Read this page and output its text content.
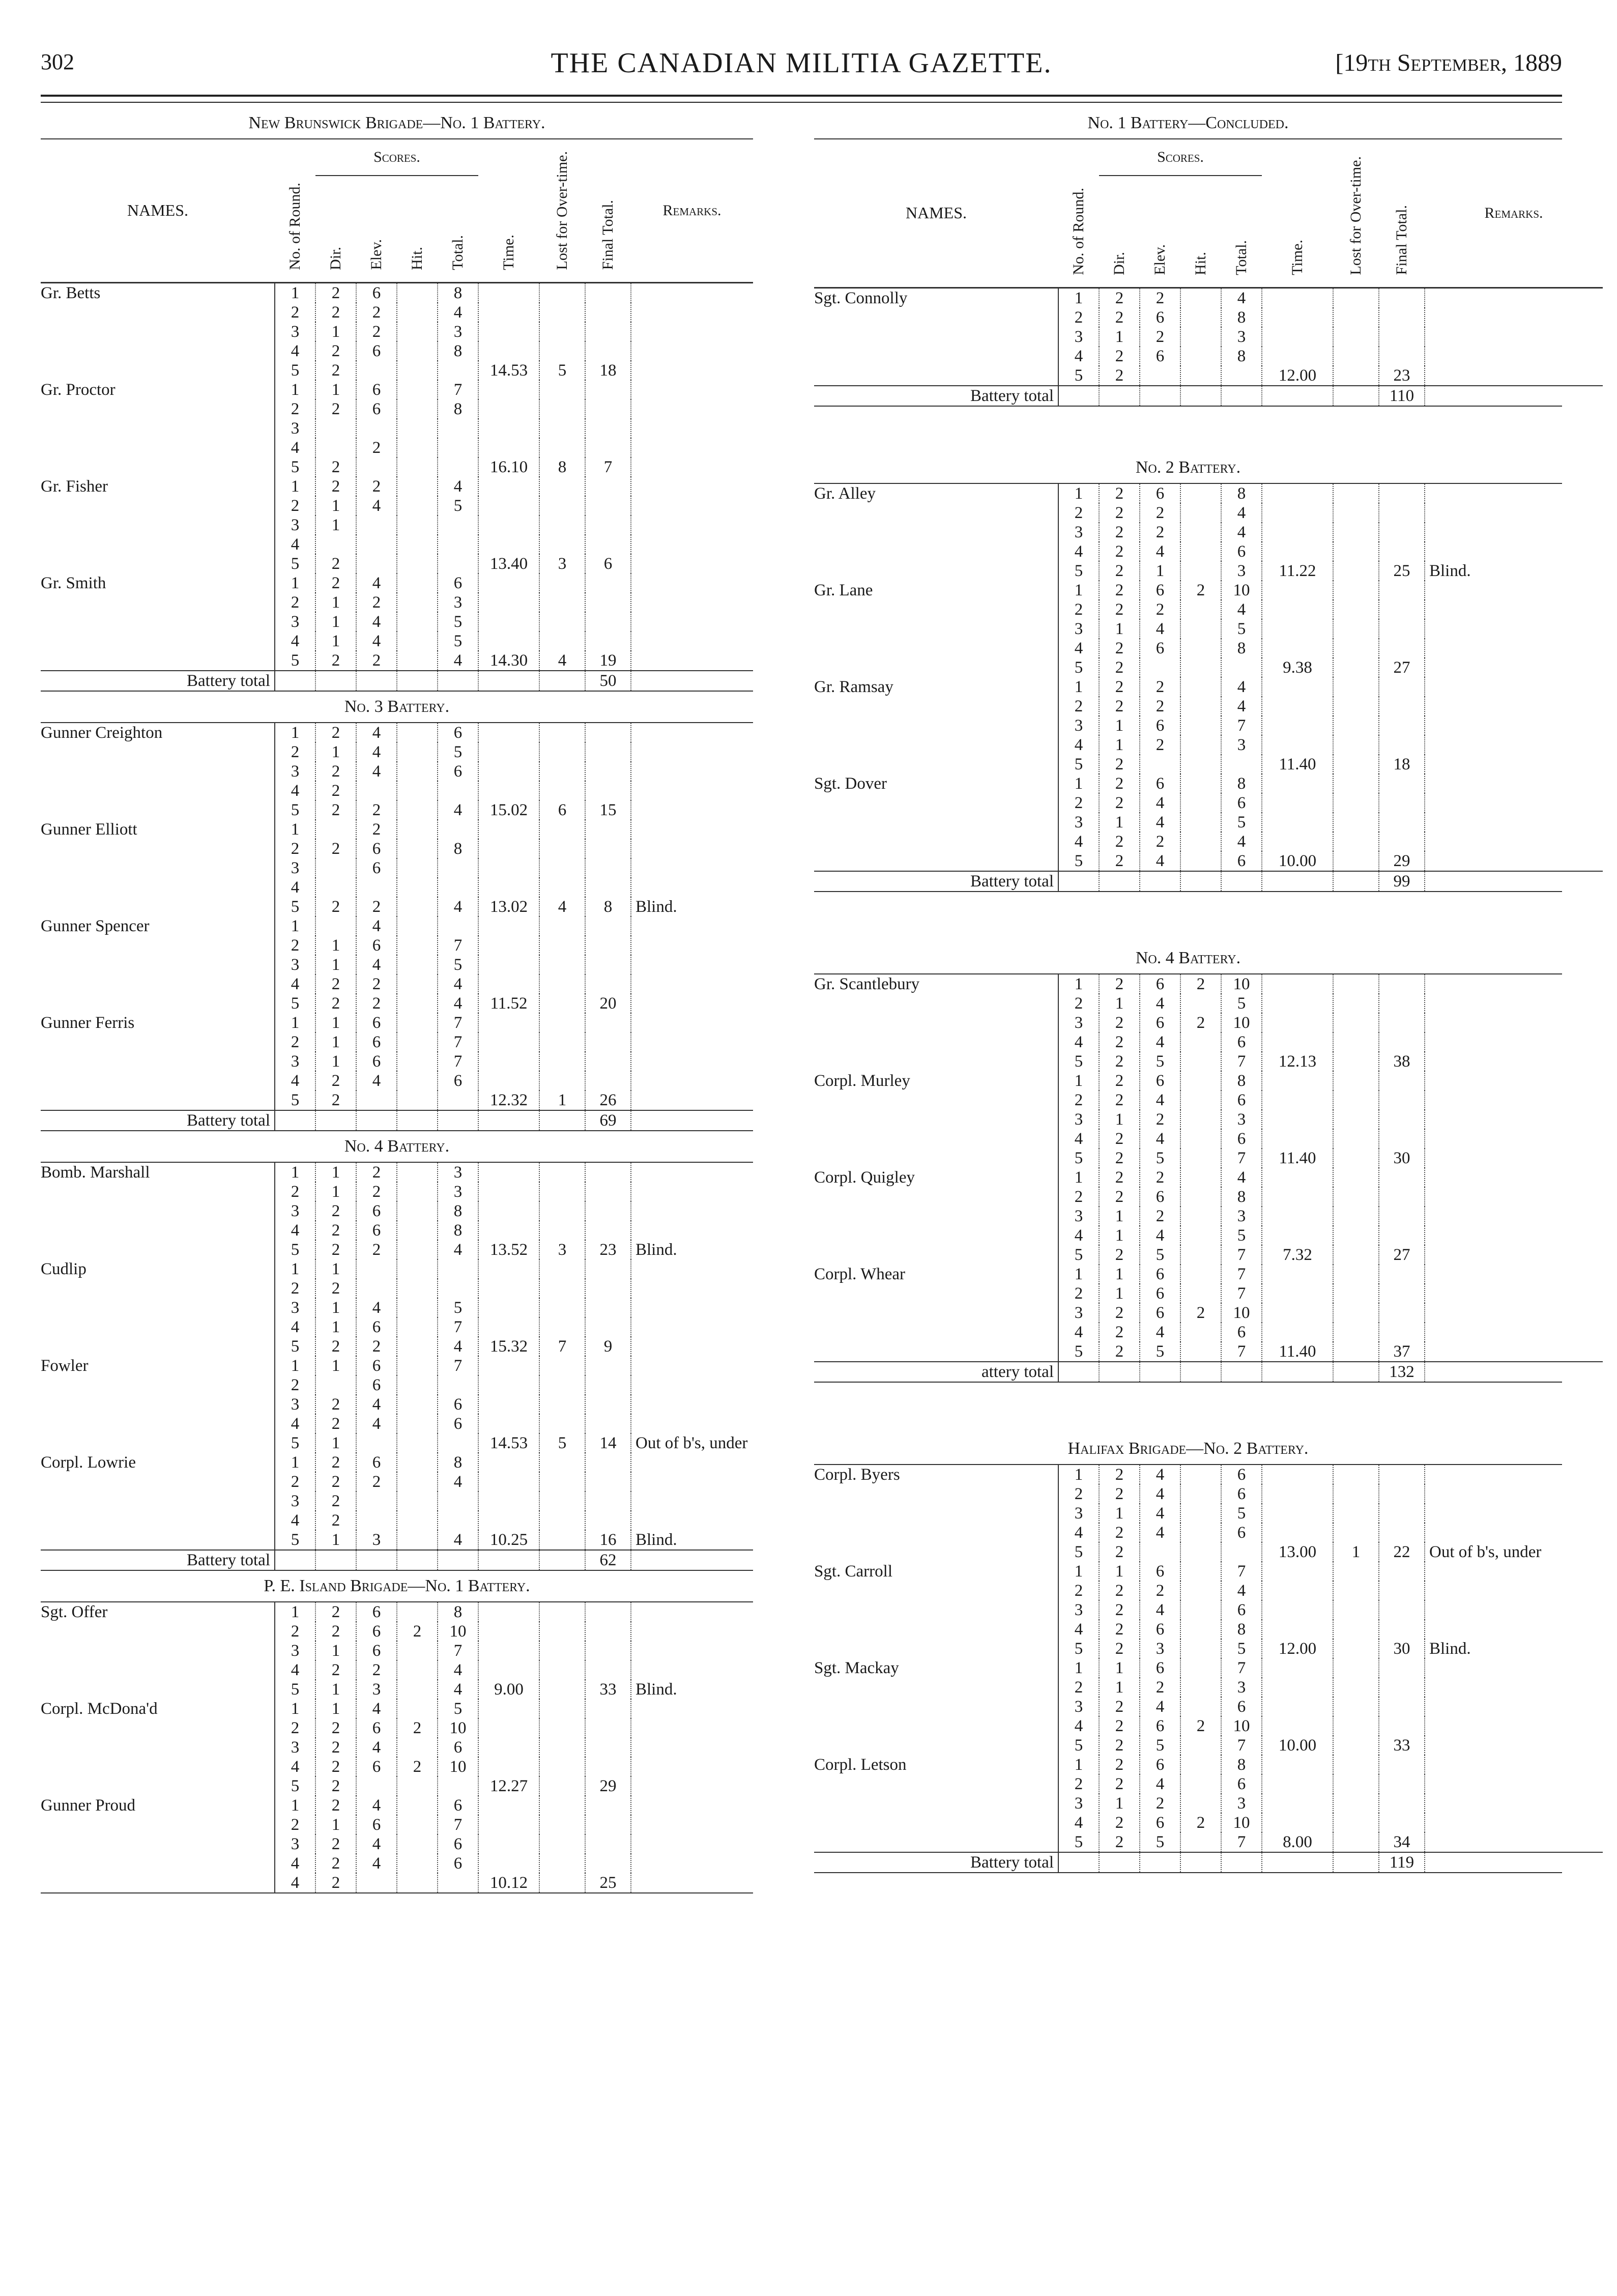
302	THE CANADIAN MILITIA GAZETTE.	[19th September, 1889
New Brunswick Brigade—No. 1 Battery.
NAMES.	No. of Round.	Scores.				Time.	Lost for Over-time.	Final Total.	Remarks.
		Dir.	Elev.	Hit.	Total.				
Gr. Betts	1	2	6		8				
	2	2	2		4				
	3	1	2		3				
	4	2	6		8				
	5	2				14.53	5	18	
Gr. Proctor	1	1	6		7				
	2	2	6		8				
	3								
	4		2						
	5	2				16.10	8	7	
Gr. Fisher	1	2	2		4				
	2	1	4		5				
	3	1							
	4								
	5	2				13.40	3	6	
Gr. Smith	1	2	4		6				
	2	1	2		3				
	3	1	4		5				
	4	1	4		5				
	5	2	2		4	14.30	4	19	
Battery total								50	
No. 3 Battery.
Gunner Creighton	1	2	4		6				
	2	1	4		5				
	3	2	4		6				
	4	2							
	5	2	2		4	15.02	6	15	
Gunner Elliott	1		2						
	2	2	6		8				
	3		6						
	4								
	5	2	2		4	13.02	4	8	Blind.
Gunner Spencer	1		4						
	2	1	6		7				
	3	1	4		5				
	4	2	2		4				
	5	2	2		4	11.52		20	
Gunner Ferris	1	1	6		7				
	2	1	6		7				
	3	1	6		7				
	4	2	4		6				
	5	2				12.32	1	26	
Battery total								69	
No. 4 Battery.
Bomb. Marshall	1	1	2		3				
	2	1	2		3				
	3	2	6		8				
	4	2	6		8				
	5	2	2		4	13.52	3	23	Blind.
Cudlip	1	1							
	2	2							
	3	1	4		5				
	4	1	6		7				
	5	2	2		4	15.32	7	9	
Fowler	1	1	6		7				
	2		6						
	3	2	4		6				
	4	2	4		6				
	5	1				14.53	5	14	Out of b's, under
Corpl. Lowrie	1	2	6		8				
	2	2	2		4				
	3	2							
	4	2							
	5	1	3		4	10.25		16	Blind.
Battery total								62	
P. E. Island Brigade—No. 1 Battery.
Sgt. Offer	1	2	6		8				
	2	2	6	2	10				
	3	1	6		7				
	4	2	2		4				
	5	1	3		4	9.00		33	Blind.
Corpl. McDona'd	1	1	4		5				
	2	2	6	2	10				
	3	2	4		6				
	4	2	6	2	10				
	5	2				12.27		29	
Gunner Proud	1	2	4		6				
	2	1	6		7				
	3	2	4		6				
	4	2	4		6				
	4	2				10.12		25	
No. 1 Battery—Concluded.
NAMES.	No. of Round.	Scores.				Time.	Lost for Over-time.	Final Total.	Remarks.
		Dir.	Elev.	Hit.	Total.				
Sgt. Connolly	1	2	2		4				
	2	2	6		8				
	3	1	2		3				
	4	2	6		8				
	5	2				12.00		23	
Battery total								110	
No. 2 Battery.
Gr. Alley	1	2	6		8				
	2	2	2		4				
	3	2	2		4				
	4	2	4		6				
	5	2	1		3	11.22		25	Blind.
Gr. Lane	1	2	6	2	10				
	2	2	2		4				
	3	1	4		5				
	4	2	6		8				
	5	2				9.38		27	
Gr. Ramsay	1	2	2		4				
	2	2	2		4				
	3	1	6		7				
	4	1	2		3				
	5	2				11.40		18	
Sgt. Dover	1	2	6		8				
	2	2	4		6				
	3	1	4		5				
	4	2	2		4				
	5	2	4		6	10.00		29	
Battery total								99	
No. 4 Battery.
Gr. Scantlebury	1	2	6	2	10				
	2	1	4		5				
	3	2	6	2	10				
	4	2	4		6				
	5	2	5		7	12.13		38	
Corpl. Murley	1	2	6		8				
	2	2	4		6				
	3	1	2		3				
	4	2	4		6				
	5	2	5		7	11.40		30	
Corpl. Quigley	1	2	2		4				
	2	2	6		8				
	3	1	2		3				
	4	1	4		5				
	5	2	5		7	7.32		27	
Corpl. Whear	1	1	6		7				
	2	1	6		7				
	3	2	6	2	10				
	4	2	4		6				
	5	2	5		7	11.40		37	
attery total								132	
Halifax Brigade—No. 2 Battery.
Corpl. Byers	1	2	4		6				
	2	2	4		6				
	3	1	4		5				
	4	2	4		6				
	5	2				13.00	1	22	Out of b's, under
Sgt. Carroll	1	1	6		7				
	2	2	2		4				
	3	2	4		6				
	4	2	6		8				
	5	2	3		5	12.00		30	Blind.
Sgt. Mackay	1	1	6		7				
	2	1	2		3				
	3	2	4		6				
	4	2	6	2	10				
	5	2	5		7	10.00		33	
Corpl. Letson	1	2	6		8				
	2	2	4		6				
	3	1	2		3				
	4	2	6	2	10				
	5	2	5		7	8.00		34	
Battery total								119	
